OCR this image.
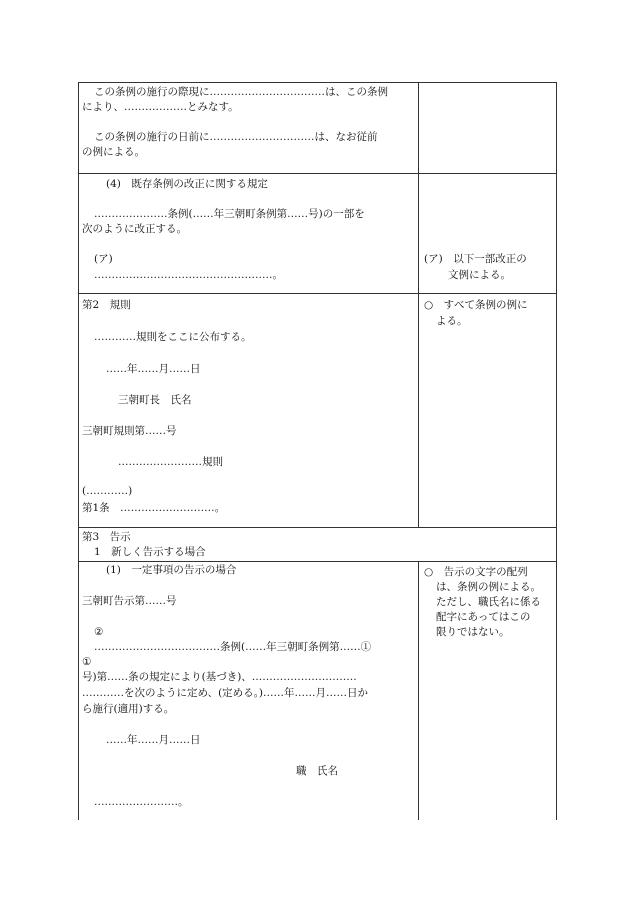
この条例の施行の際現に……………………………は、この条例
により、………………とみなす。
この条例の施行の日前に…………………………は、なお従前
の例による。
(4)　既存条例の改正に関する規定
…………………条例(……年三朝町条例第……号)の一部を
次のように改正する。
(ア)
……………………………………………。
(ア)　以下一部改正の
文例による。
第2　規則
…………規則をここに公布する。
……年……月……日
三朝町長　氏名
三朝町規則第……号
……………………規則
(…………)
第1条　………………………。
○　すべて条例の例に
よる。
第3　告示
1　新しく告示する場合
(1)　一定事項の告示の場合
三朝町告示第……号
②
………………………………条例(……年三朝町条例第……①
①
号)第……条の規定により(基づき)、…………………………
…………を次のように定め、(定める。)……年……月……日か
ら施行(適用)する。
……年……月……日
職　氏名
……………………。
○　告示の文字の配列
は、条例の例による。
ただし、職氏名に係る
配字にあってはこの
限りではない。
